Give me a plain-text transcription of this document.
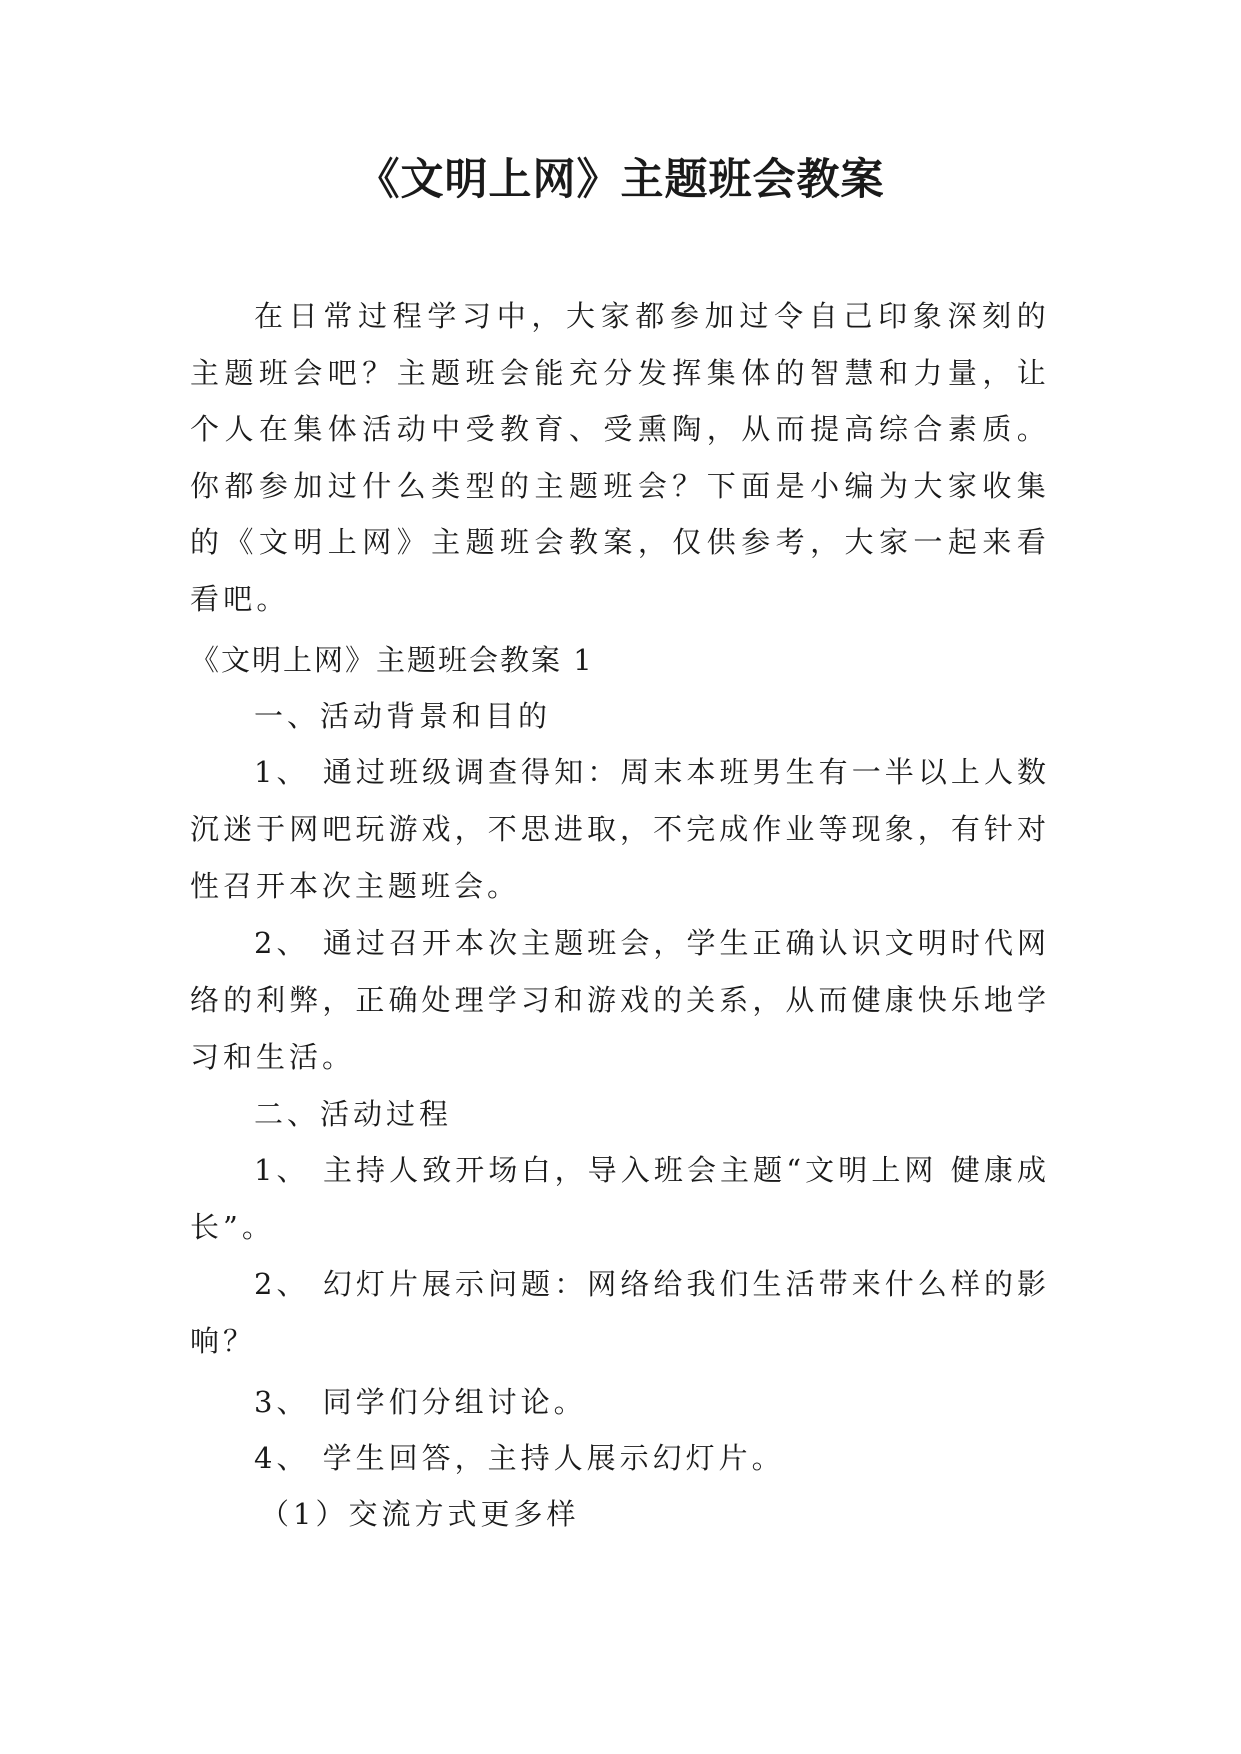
《文明上网》主题班会教案

在日常过程学习中，大家都参加过令自己印象深刻的主题班会吧？主题班会能充分发挥集体的智慧和力量，让个人在集体活动中受教育、受熏陶，从而提高综合素质。你都参加过什么类型的主题班会？下面是小编为大家收集的《文明上网》主题班会教案，仅供参考，大家一起来看看吧。

《文明上网》主题班会教案 1
一、活动背景和目的

1、 通过班级调查得知：周末本班男生有一半以上人数沉迷于网吧玩游戏，不思进取，不完成作业等现象，有针对性召开本次主题班会。

2、 通过召开本次主题班会，学生正确认识文明时代网络的利弊，正确处理学习和游戏的关系，从而健康快乐地学习和生活。

二、活动过程

1、 主持人致开场白，导入班会主题“文明上网 健康成长”。

2、 幻灯片展示问题：网络给我们生活带来什么样的影响？

3、 同学们分组讨论。
4、 学生回答，主持人展示幻灯片。
（1）交流方式更多样
